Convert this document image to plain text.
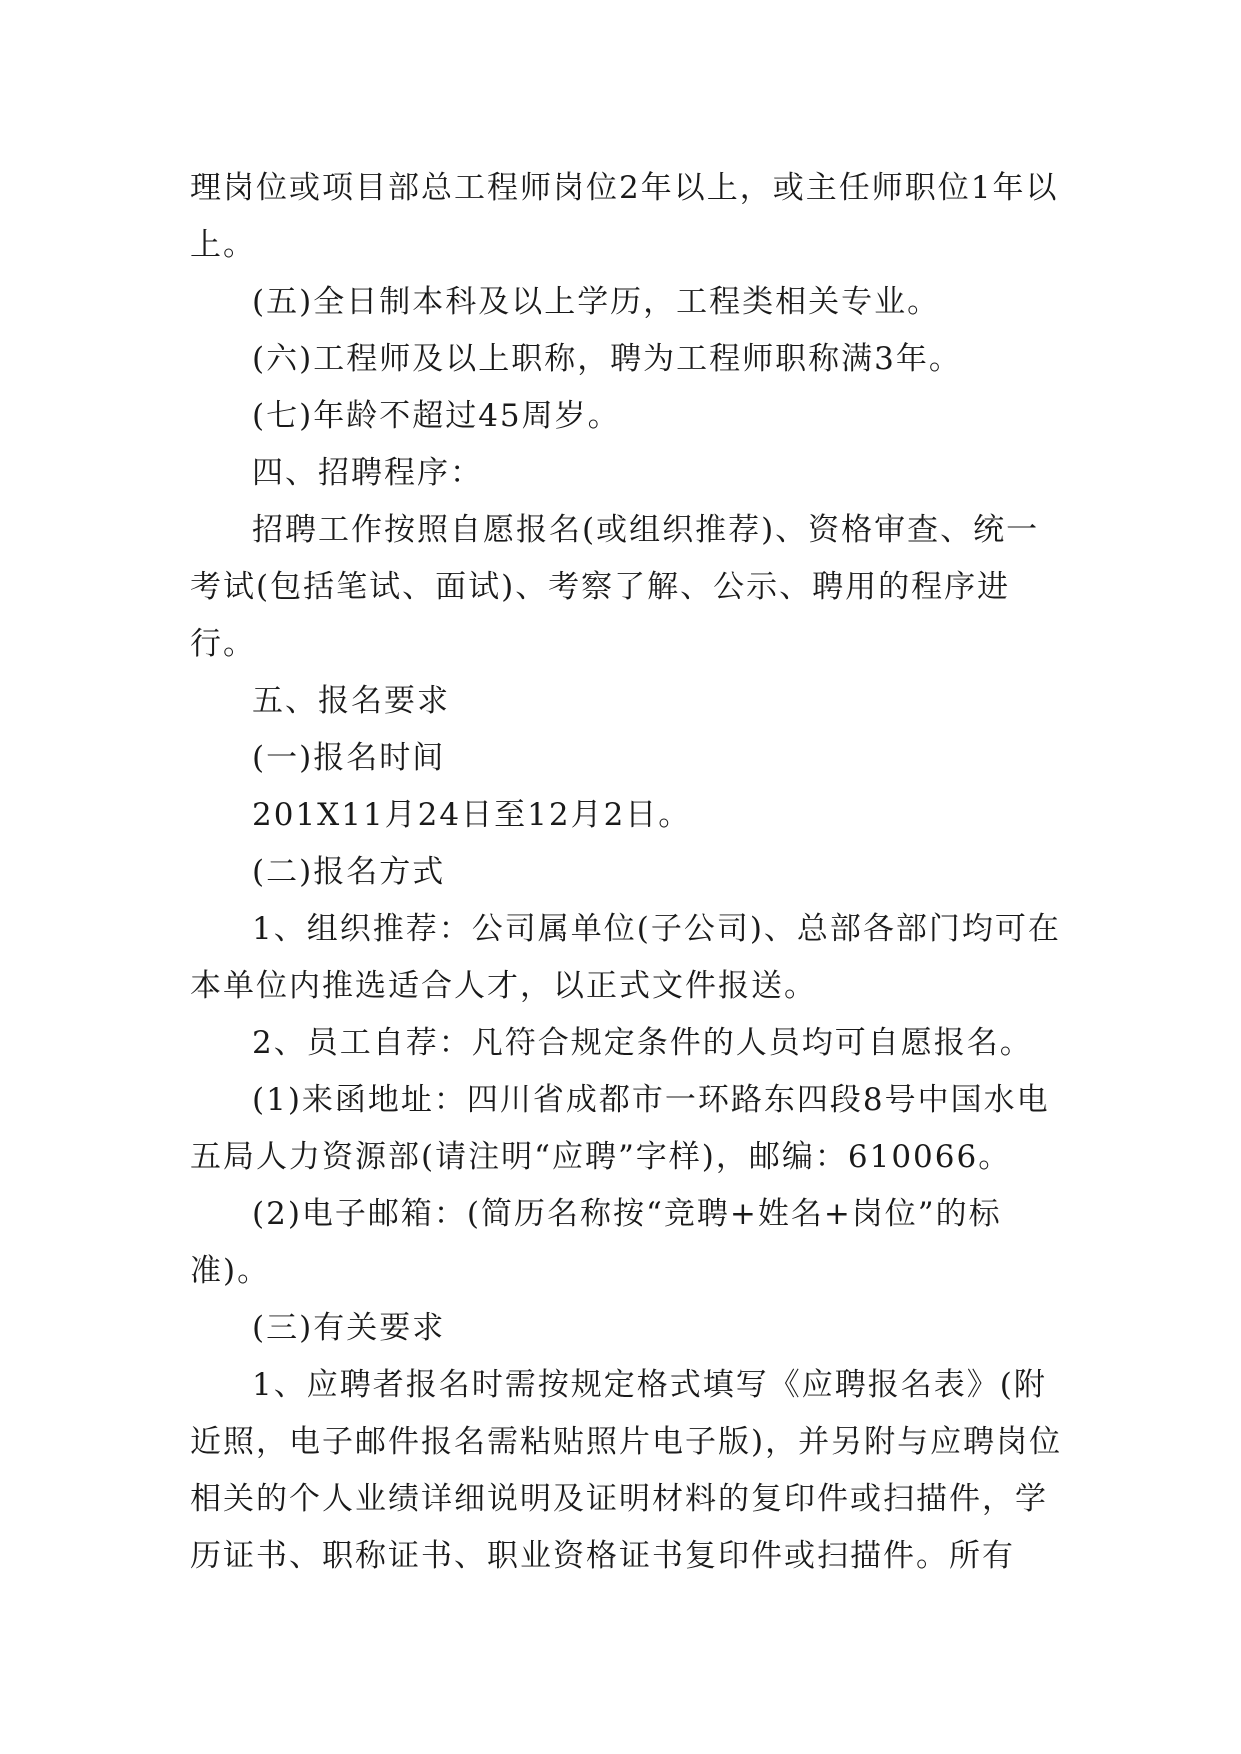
理岗位或项目部总工程师岗位2年以上，或主任师职位1年以上。

(五)全日制本科及以上学历，工程类相关专业。

(六)工程师及以上职称，聘为工程师职称满3年。

(七)年龄不超过45周岁。

四、招聘程序：

招聘工作按照自愿报名(或组织推荐)、资格审查、统一考试(包括笔试、面试)、考察了解、公示、聘用的程序进行。

五、报名要求

(一)报名时间

201X11月24日至12月2日。

(二)报名方式

1、组织推荐：公司属单位(子公司)、总部各部门均可在本单位内推选适合人才，以正式文件报送。

2、员工自荐：凡符合规定条件的人员均可自愿报名。

(1)来函地址：四川省成都市一环路东四段8号中国水电五局人力资源部(请注明“应聘”字样)，邮编：610066。

(2)电子邮箱：(简历名称按“竞聘+姓名+岗位”的标准)。

(三)有关要求

1、应聘者报名时需按规定格式填写《应聘报名表》(附近照，电子邮件报名需粘贴照片电子版)，并另附与应聘岗位相关的个人业绩详细说明及证明材料的复印件或扫描件，学历证书、职称证书、职业资格证书复印件或扫描件。所有
